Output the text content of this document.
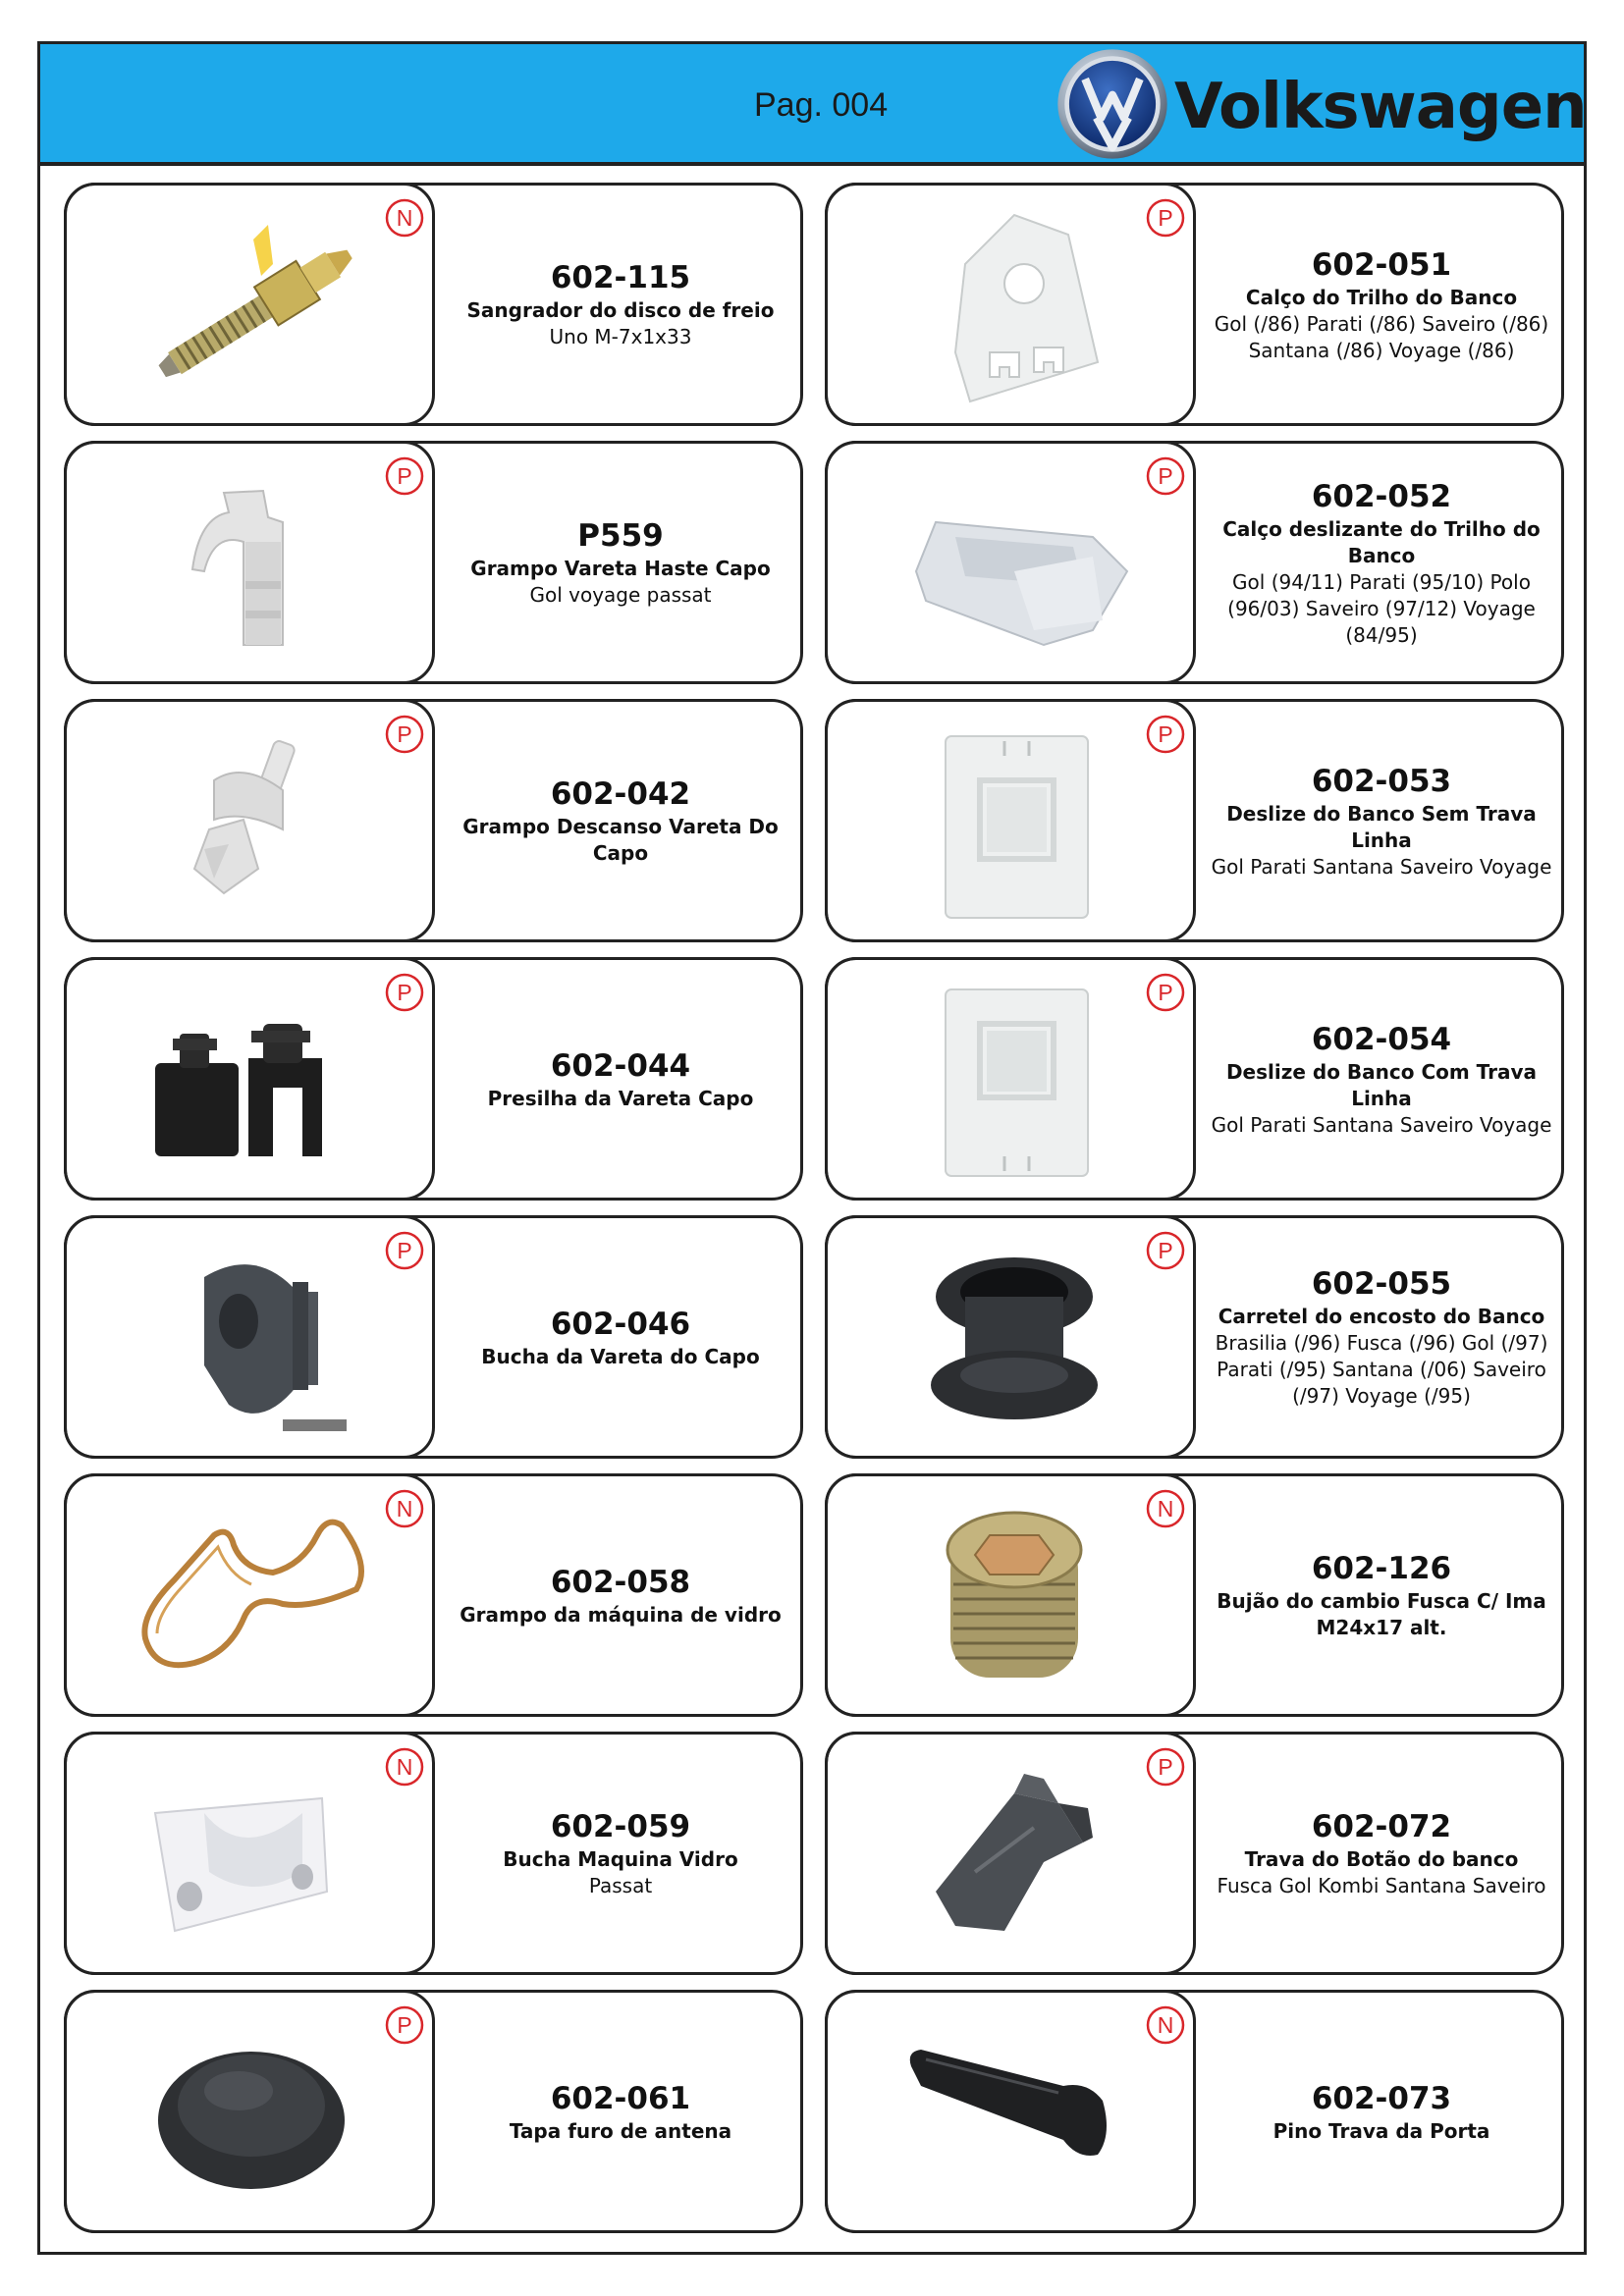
Pag. 004	Volkswagen
N
602-115
Sangrador do disco de freio
Uno M-7x1x33
P
P559
Grampo Vareta Haste Capo
Gol voyage passat
P
602-042
Grampo Descanso Vareta Do Capo
P
602-044
Presilha da Vareta Capo
P
602-046
Bucha da Vareta do Capo
N
602-058
Grampo da máquina de vidro
N
602-059
Bucha Maquina Vidro
Passat
P
602-061
Tapa furo de antena
P
602-051
Calço do Trilho do Banco
Gol (/86) Parati (/86) Saveiro (/86) Santana (/86) Voyage (/86)
P
602-052
Calço deslizante do Trilho do Banco
Gol (94/11) Parati (95/10) Polo (96/03) Saveiro (97/12) Voyage (84/95)
P
602-053
Deslize do Banco Sem Trava Linha
Gol Parati Santana Saveiro Voyage
P
602-054
Deslize do Banco Com Trava Linha
Gol Parati Santana Saveiro Voyage
P
602-055
Carretel do encosto do Banco
Brasilia (/96) Fusca (/96) Gol (/97) Parati (/95) Santana (/06) Saveiro (/97) Voyage (/95)
N
602-126
Bujão do cambio Fusca C/ Ima M24x17 alt.
P
602-072
Trava do Botão do banco
Fusca Gol Kombi Santana Saveiro
N
602-073
Pino Trava da Porta
